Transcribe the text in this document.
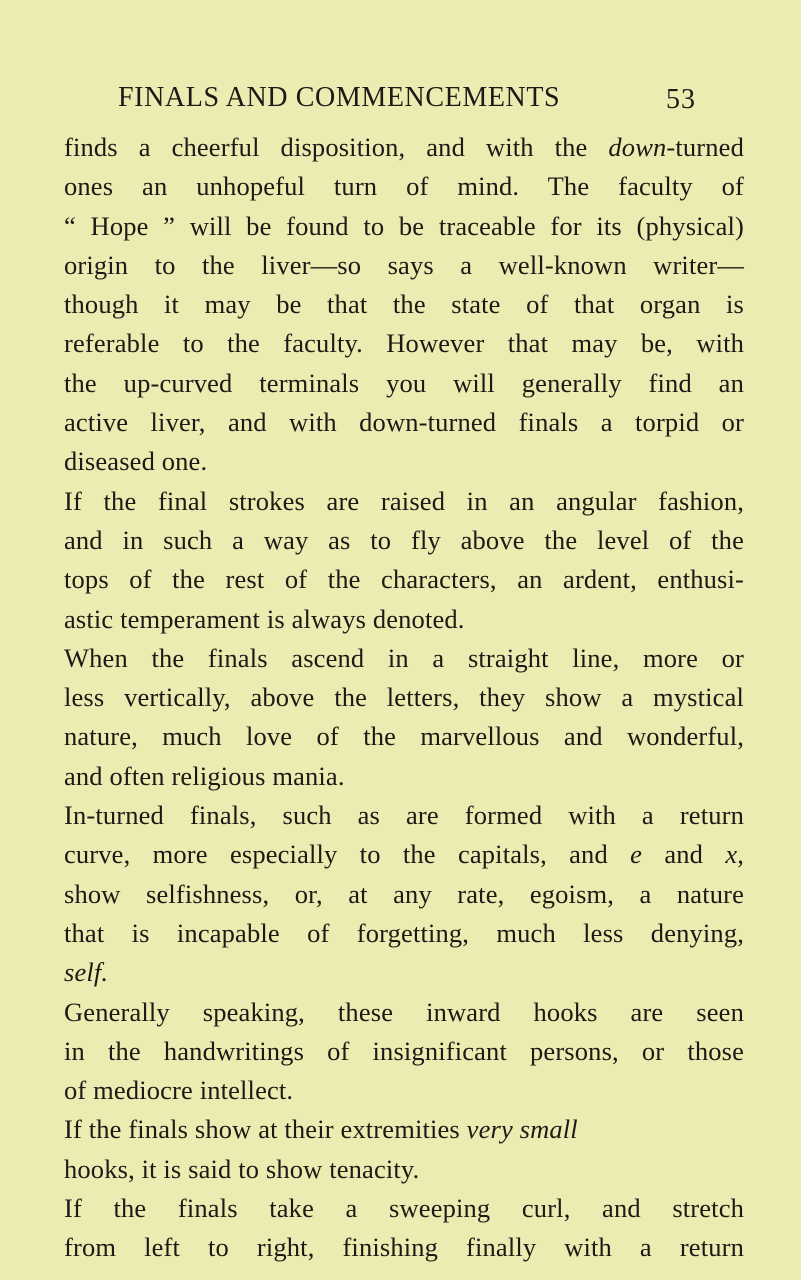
FINALS AND COMMENCEMENTS	53
finds a cheerful disposition, and with the down-turned
ones an unhopeful turn of mind. The faculty of
“ Hope ” will be found to be traceable for its (physical)
origin to the liver—so says a well-known writer—
though it may be that the state of that organ is
referable to the faculty. However that may be, with
the up-curved terminals you will generally find an
active liver, and with down-turned finals a torpid or
diseased one.
If the final strokes are raised in an angular fashion,
and in such a way as to fly above the level of the
tops of the rest of the characters, an ardent, enthusi-
astic temperament is always denoted.
When the finals ascend in a straight line, more or
less vertically, above the letters, they show a mystical
nature, much love of the marvellous and wonderful,
and often religious mania.
In-turned finals, such as are formed with a return
curve, more especially to the capitals, and e and x,
show selfishness, or, at any rate, egoism, a nature
that is incapable of forgetting, much less denying,
self.
Generally speaking, these inward hooks are seen
in the handwritings of insignificant persons, or those
of mediocre intellect.
If the finals show at their extremities very small
hooks, it is said to show tenacity.
If the finals take a sweeping curl, and stretch
from left to right, finishing finally with a return
